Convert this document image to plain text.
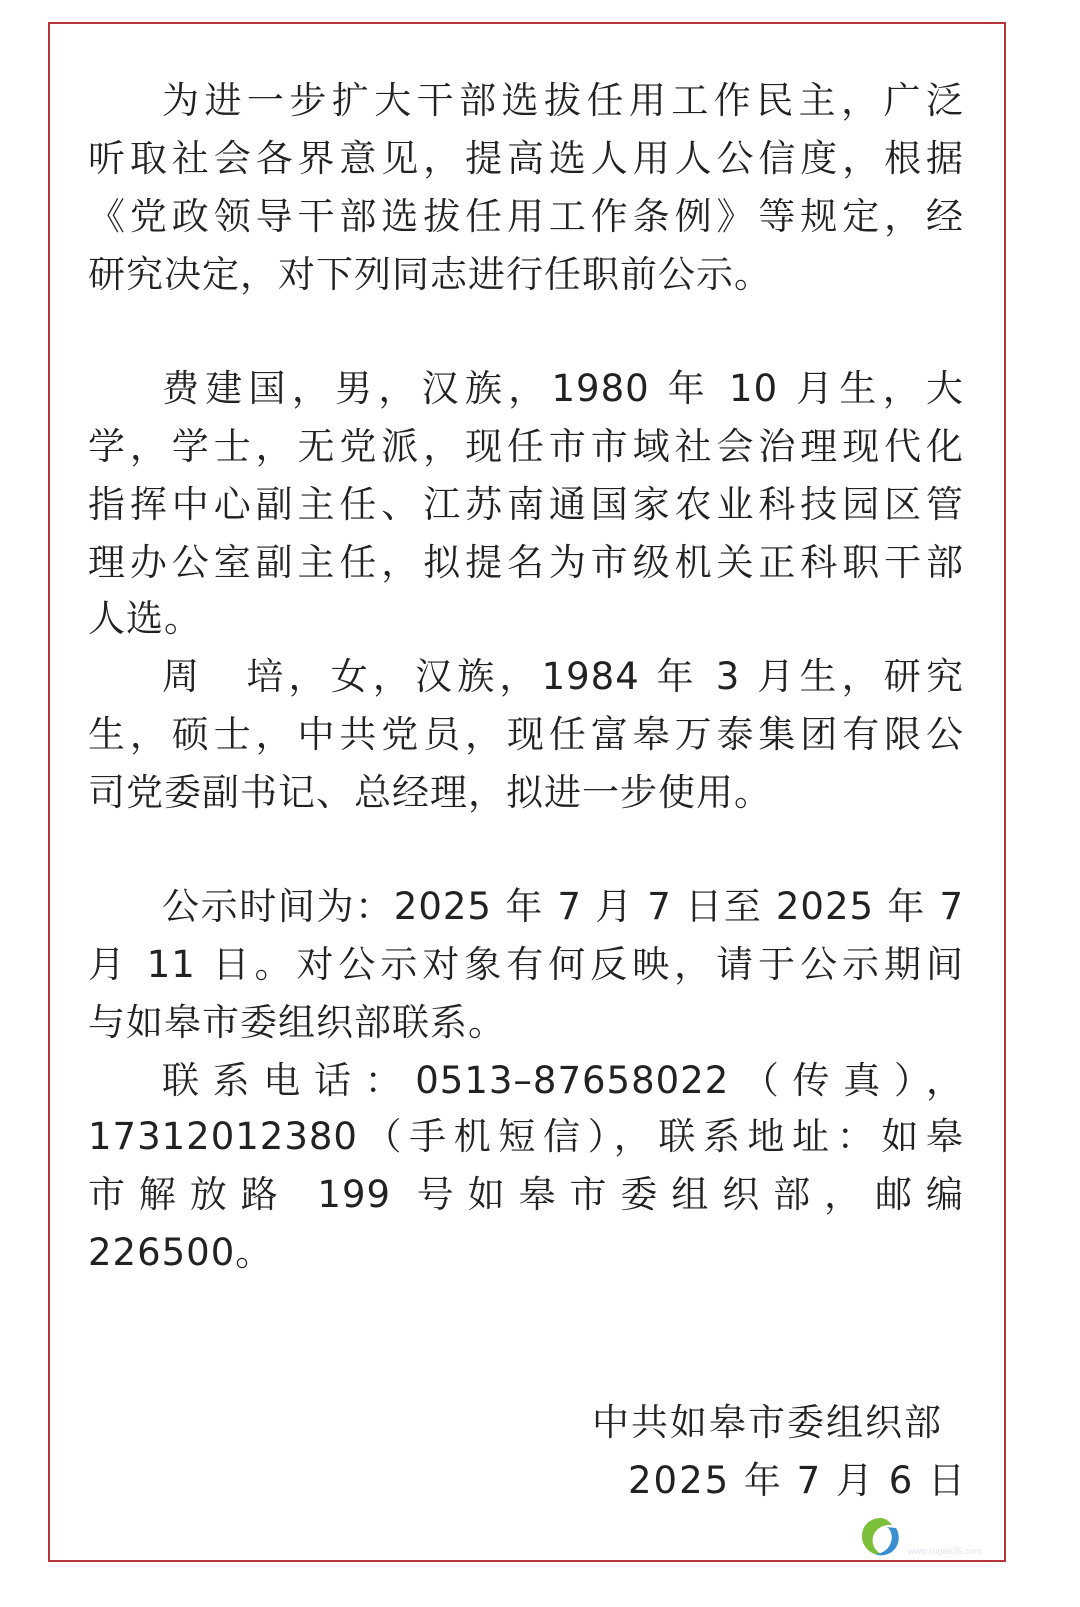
为进一步扩大干部选拔任用工作民主，广泛
听取社会各界意见，提高选人用人公信度，根据
《党政领导干部选拔任用工作条例》等规定，经
研究决定，对下列同志进行任职前公示。
费建国，男，汉族，1980 年 10 月生，大
学，学士，无党派，现任市市域社会治理现代化
指挥中心副主任、江苏南通国家农业科技园区管
理办公室副主任，拟提名为市级机关正科职干部
人选。
周　培，女，汉族，1984 年 3 月生，研究
生，硕士，中共党员，现任富皋万泰集团有限公
司党委副书记、总经理，拟进一步使用。
公示时间为：2025 年 7 月 7 日至 2025 年 7
月 11 日。对公示对象有何反映，请于公示期间
与如皋市委组织部联系。
联系电话：0513–87658022（传真），
17312012380（手机短信），联系地址：如皋
市解放路 199 号如皋市委组织部，邮编
226500。
中共如皋市委组织部
2025 年 7 月 6 日
www.rugao35.com
